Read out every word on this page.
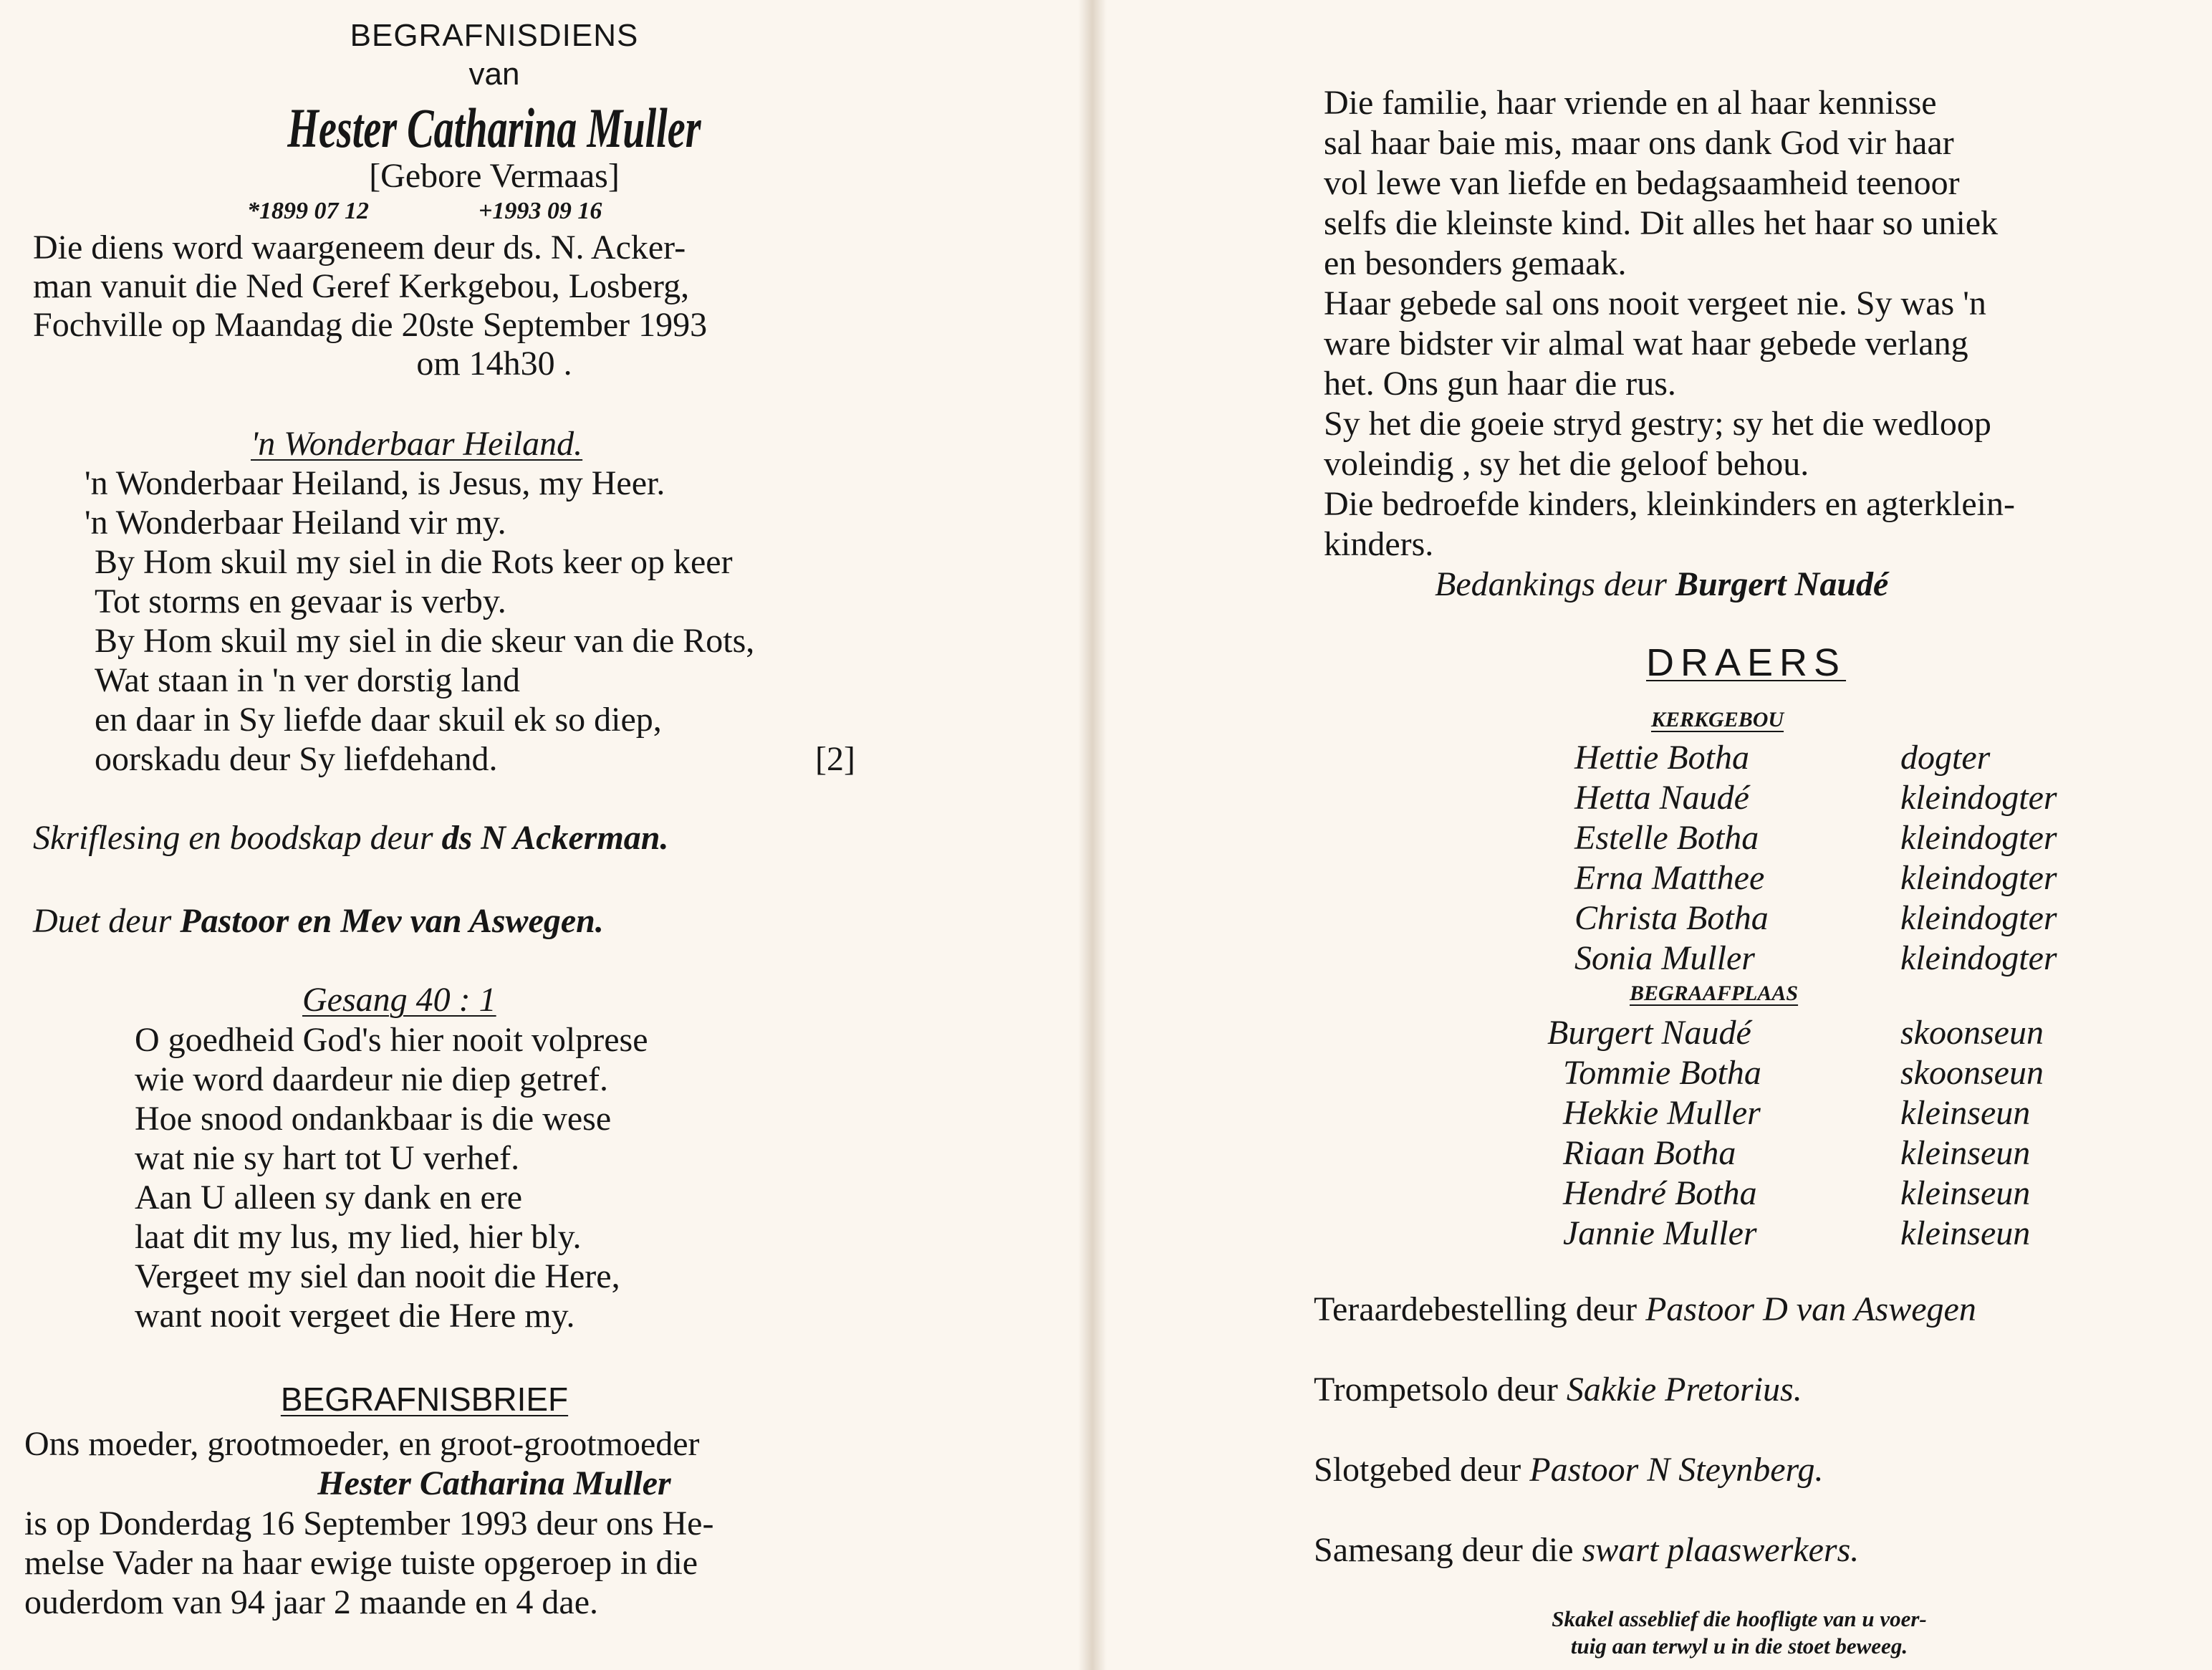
BEGRAFNISDIENS
van
Hester Catharina Muller
[Gebore Vermaas]
*1899 07 12	+1993 09 16
Die diens word waargeneem deur ds. N. Acker-
man vanuit die Ned Geref Kerkgebou, Losberg,
Fochville op Maandag die 20ste September 1993
om 14h30 .
'n Wonderbaar Heiland.
'n Wonderbaar Heiland, is Jesus, my Heer.
'n Wonderbaar Heiland vir my.
By Hom skuil my siel in die Rots keer op keer
Tot storms en gevaar is verby.
By Hom skuil my siel in die skeur van die Rots,
Wat staan in 'n ver dorstig land
en daar in Sy liefde daar skuil ek so diep,
oorskadu deur Sy liefdehand.	[2]
Skriflesing en boodskap deur ds N Ackerman.
Duet deur Pastoor en Mev van Aswegen.
Gesang 40 : 1
O goedheid God's hier nooit volprese
wie word daardeur nie diep getref.
Hoe snood ondankbaar is die wese
wat nie sy hart tot U verhef.
Aan U alleen sy dank en ere
laat dit my lus, my lied, hier bly.
Vergeet my siel dan nooit die Here,
want nooit vergeet die Here my.
BEGRAFNISBRIEF
Ons moeder, grootmoeder, en groot-grootmoeder
Hester Catharina Muller
is op Donderdag 16 September 1993 deur ons He-
melse Vader na haar ewige tuiste opgeroep in die
ouderdom van 94 jaar 2 maande en 4 dae.
Die familie, haar vriende en al haar kennisse
sal haar baie mis, maar ons dank God vir haar
vol lewe van liefde en bedagsaamheid teenoor
selfs die kleinste kind. Dit alles het haar so uniek
en besonders gemaak.
Haar gebede sal ons nooit vergeet nie. Sy was 'n
ware bidster vir almal wat haar gebede verlang
het. Ons gun haar die rus.
Sy het die goeie stryd gestry; sy het die wedloop
voleindig , sy het die geloof behou.
Die bedroefde kinders, kleinkinders en agterklein-
kinders.
Bedankings deur Burgert Naudé
DRAERS
KERKGEBOU
Hettie Botha	dogter
Hetta Naudé	kleindogter
Estelle Botha	kleindogter
Erna Matthee	kleindogter
Christa Botha	kleindogter
Sonia Muller	kleindogter
BEGRAAFPLAAS
Burgert Naudé	skoonseun
Tommie Botha	skoonseun
Hekkie Muller	kleinseun
Riaan Botha	kleinseun
Hendré Botha	kleinseun
Jannie Muller	kleinseun
Teraardebestelling deur Pastoor D van Aswegen
Trompetsolo deur Sakkie Pretorius.
Slotgebed deur Pastoor N Steynberg.
Samesang deur die swart plaaswerkers.
Skakel asseblief die hoofligte van u voer-
tuig aan terwyl u in die stoet beweeg.
